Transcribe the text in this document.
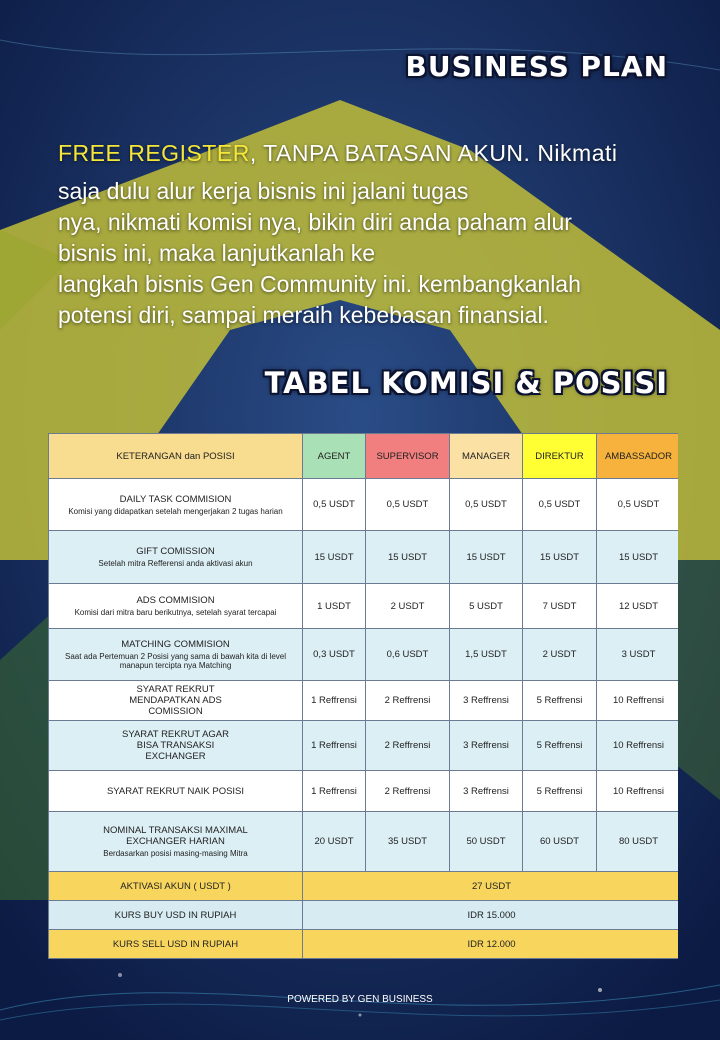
BUSINESS PLAN
FREE REGISTER, TANPA BATASAN AKUN. Nikmati
saja dulu alur kerja bisnis ini jalani tugas
nya, nikmati komisi nya, bikin diri anda paham alur
bisnis ini, maka lanjutkanlah ke
langkah bisnis Gen Community ini. kembangkanlah
potensi diri, sampai meraih kebebasan finansial.
TABEL KOMISI & POSISI
KETERANGAN dan POSISI	AGENT	SUPERVISOR	MANAGER	DIREKTUR	AMBASSADOR
DAILY TASK COMMISION
Komisi yang didapatkan setelah mengerjakan 2 tugas harian	0,5 USDT	0,5 USDT	0,5 USDT	0,5 USDT	0,5 USDT
GIFT COMISSION
Setelah mitra Refferensi anda aktivasi akun	15 USDT	15 USDT	15 USDT	15 USDT	15 USDT
ADS COMMISION
Komisi dari mitra baru berikutnya, setelah syarat tercapai	1 USDT	2 USDT	5 USDT	7 USDT	12 USDT
MATCHING COMMISION
Saat ada Pertemuan 2 Posisi yang sama di bawah kita di level manapun tercipta nya Matching	0,3 USDT	0,6 USDT	1,5 USDT	2 USDT	3 USDT
SYARAT REKRUT MENDAPATKAN ADS COMISSION	1 Reffrensi	2 Reffrensi	3 Reffrensi	5 Reffrensi	10 Reffrensi
SYARAT REKRUT AGAR BISA TRANSAKSI EXCHANGER	1 Reffrensi	2 Reffrensi	3 Reffrensi	5 Reffrensi	10 Reffrensi
SYARAT REKRUT NAIK POSISI	1 Reffrensi	2 Reffrensi	3 Reffrensi	5 Reffrensi	10 Reffrensi
NOMINAL TRANSAKSI MAXIMAL EXCHANGER HARIAN
Berdasarkan posisi masing-masing Mitra	20 USDT	35 USDT	50 USDT	60 USDT	80 USDT
AKTIVASI AKUN ( USDT )	27 USDT				
KURS BUY USD IN RUPIAH	IDR 15.000				
KURS SELL USD IN RUPIAH	IDR 12.000				
POWERED BY GEN BUSINESS
